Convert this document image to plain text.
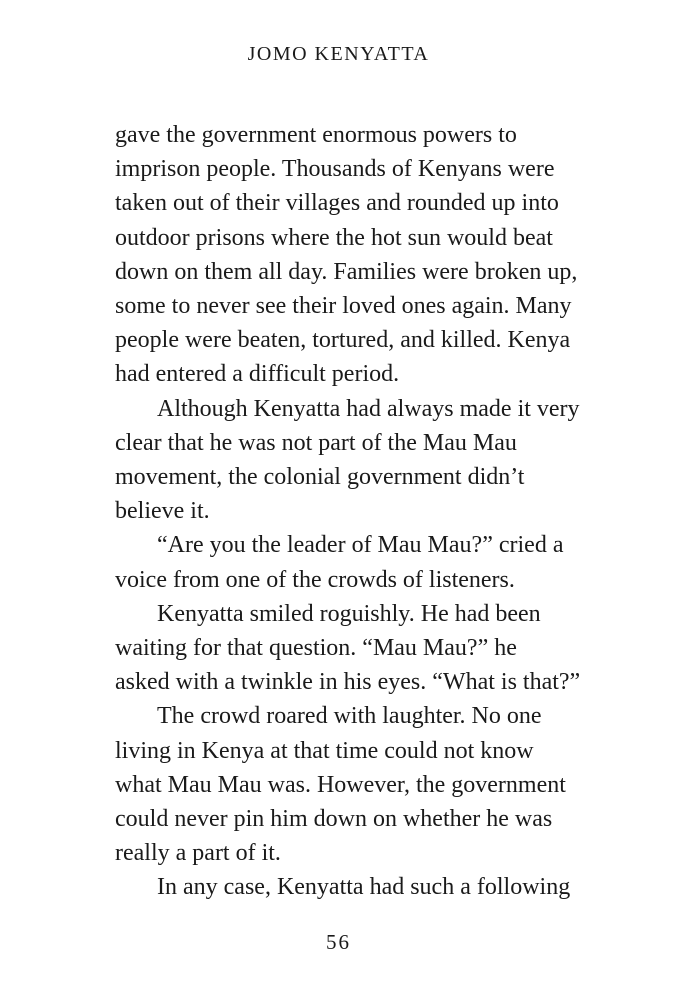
JOMO KENYATTA
gave the government enormous powers to
imprison people. Thousands of Kenyans were
taken out of their villages and rounded up into
outdoor prisons where the hot sun would beat
down on them all day. Families were broken up,
some to never see their loved ones again. Many
people were beaten, tortured, and killed. Kenya
had entered a difficult period.
Although Kenyatta had always made it very
clear that he was not part of the Mau Mau
movement, the colonial government didn’t
believe it.
“Are you the leader of Mau Mau?” cried a
voice from one of the crowds of listeners.
Kenyatta smiled roguishly. He had been
waiting for that question. “Mau Mau?” he
asked with a twinkle in his eyes. “What is that?”
The crowd roared with laughter. No one
living in Kenya at that time could not know
what Mau Mau was. However, the government
could never pin him down on whether he was
really a part of it.
In any case, Kenyatta had such a following
56
